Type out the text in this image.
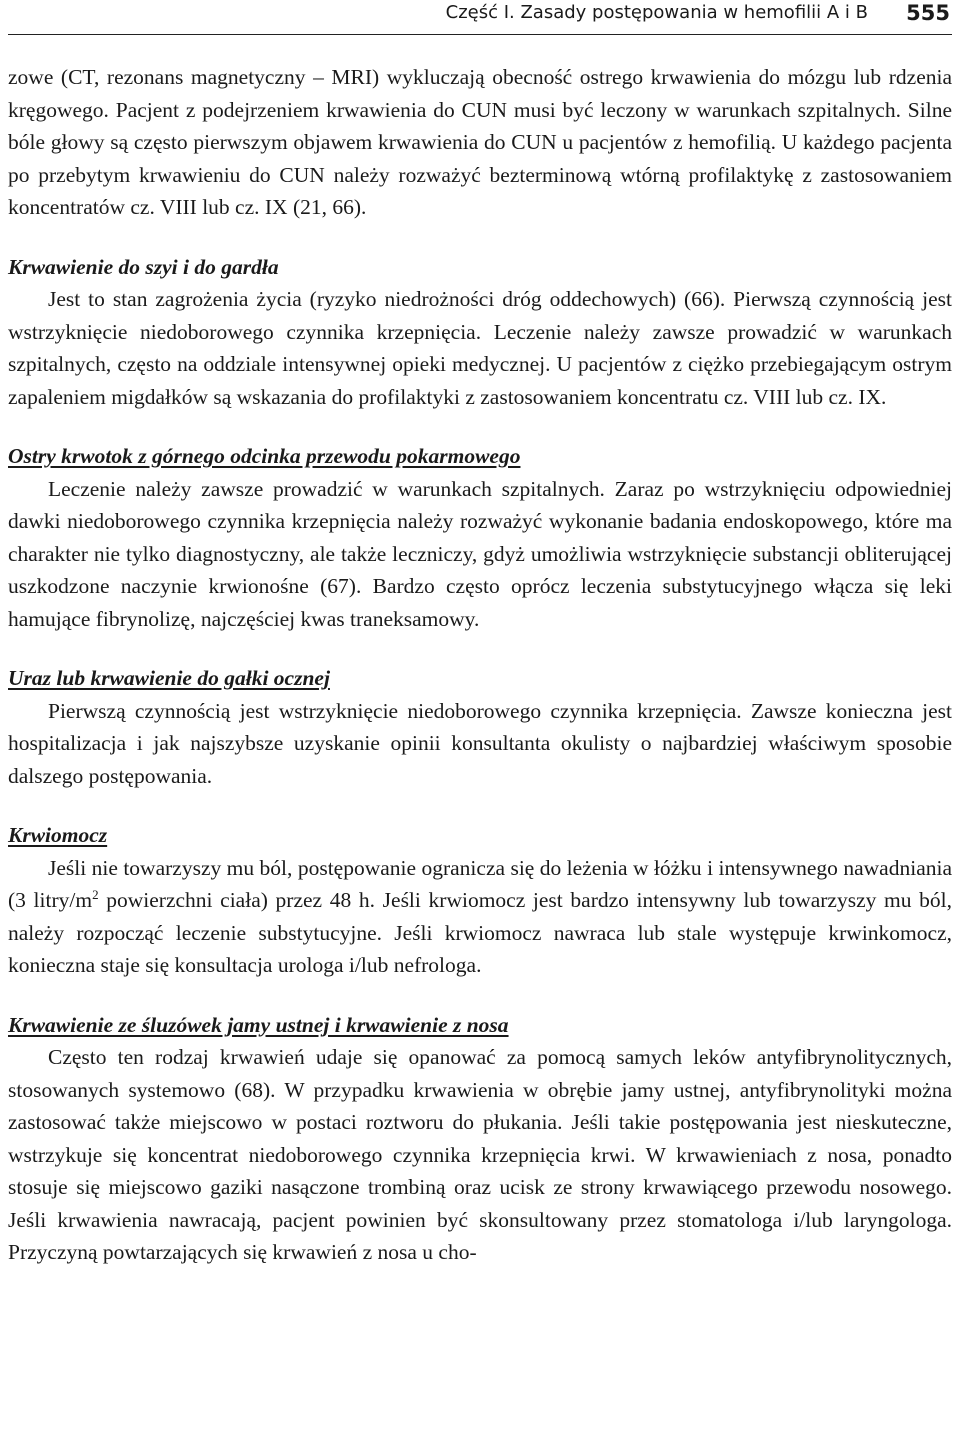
Część I. Zasady postępowania w hemofilii A i B 555

zowe (CT, rezonans magnetyczny – MRI) wykluczają obecność ostrego krwawienia do mózgu lub rdzenia kręgowego. Pacjent z podejrzeniem krwawienia do CUN musi być leczony w warunkach szpitalnych. Silne bóle głowy są często pierwszym objawem krwawienia do CUN u pacjentów z hemofilią. U każdego pacjenta po przebytym krwawieniu do CUN należy rozważyć bezterminową wtórną profilaktykę z zastosowaniem koncentratów cz. VIII lub cz. IX (21, 66).

Krwawienie do szyi i do gardła

Jest to stan zagrożenia życia (ryzyko niedrożności dróg oddechowych) (66). Pierwszą czynnością jest wstrzyknięcie niedoborowego czynnika krzepnięcia. Leczenie należy zawsze prowadzić w warunkach szpitalnych, często na oddziale intensywnej opieki medycznej. U pacjentów z ciężko przebiegającym ostrym zapaleniem migdałków są wskazania do profilaktyki z zastosowaniem koncentratu cz. VIII lub cz. IX.

Ostry krwotok z górnego odcinka przewodu pokarmowego

Leczenie należy zawsze prowadzić w warunkach szpitalnych. Zaraz po wstrzyknięciu odpowiedniej dawki niedoborowego czynnika krzepnięcia należy rozważyć wykonanie badania endoskopowego, które ma charakter nie tylko diagnostyczny, ale także leczniczy, gdyż umożliwia wstrzyknięcie substancji obliterującej uszkodzone naczynie krwionośne (67). Bardzo często oprócz leczenia substytucyjnego włącza się leki hamujące fibrynolizę, najczęściej kwas traneksamowy.

Uraz lub krwawienie do gałki ocznej

Pierwszą czynnością jest wstrzyknięcie niedoborowego czynnika krzepnięcia. Zawsze konieczna jest hospitalizacja i jak najszybsze uzyskanie opinii konsultanta okulisty o najbardziej właściwym sposobie dalszego postępowania.

Krwiomocz

Jeśli nie towarzyszy mu ból, postępowanie ogranicza się do leżenia w łóżku i intensywnego nawadniania (3 litry/$m^2$ powierzchni ciała) przez 48 h. Jeśli krwiomocz jest bardzo intensywny lub towarzyszy mu ból, należy rozpocząć leczenie substytucyjne. Jeśli krwiomocz nawraca lub stale występuje krwinkomocz, konieczna staje się konsultacja urologa i/lub nefrologa.

Krwawienie ze śluzówek jamy ustnej i krwawienie z nosa

Często ten rodzaj krwawień udaje się opanować za pomocą samych leków antyfibrynolitycznych, stosowanych systemowo (68). W przypadku krwawienia w obrębie jamy ustnej, antyfibrynolityki można zastosować także miejscowo w postaci roztworu do płukania. Jeśli takie postępowania jest nieskuteczne, wstrzykuje się koncentrat niedoborowego czynnika krzepnięcia krwi. W krwawieniach z nosa, ponadto stosuje się miejscowo gaziki nasączone trombiną oraz ucisk ze strony krwawiącego przewodu nosowego. Jeśli krwawienia nawracają, pacjent powinien być skonsultowany przez stomatologa i/lub laryngologa. Przyczyną powtarzających się krwawień z nosa u cho-
